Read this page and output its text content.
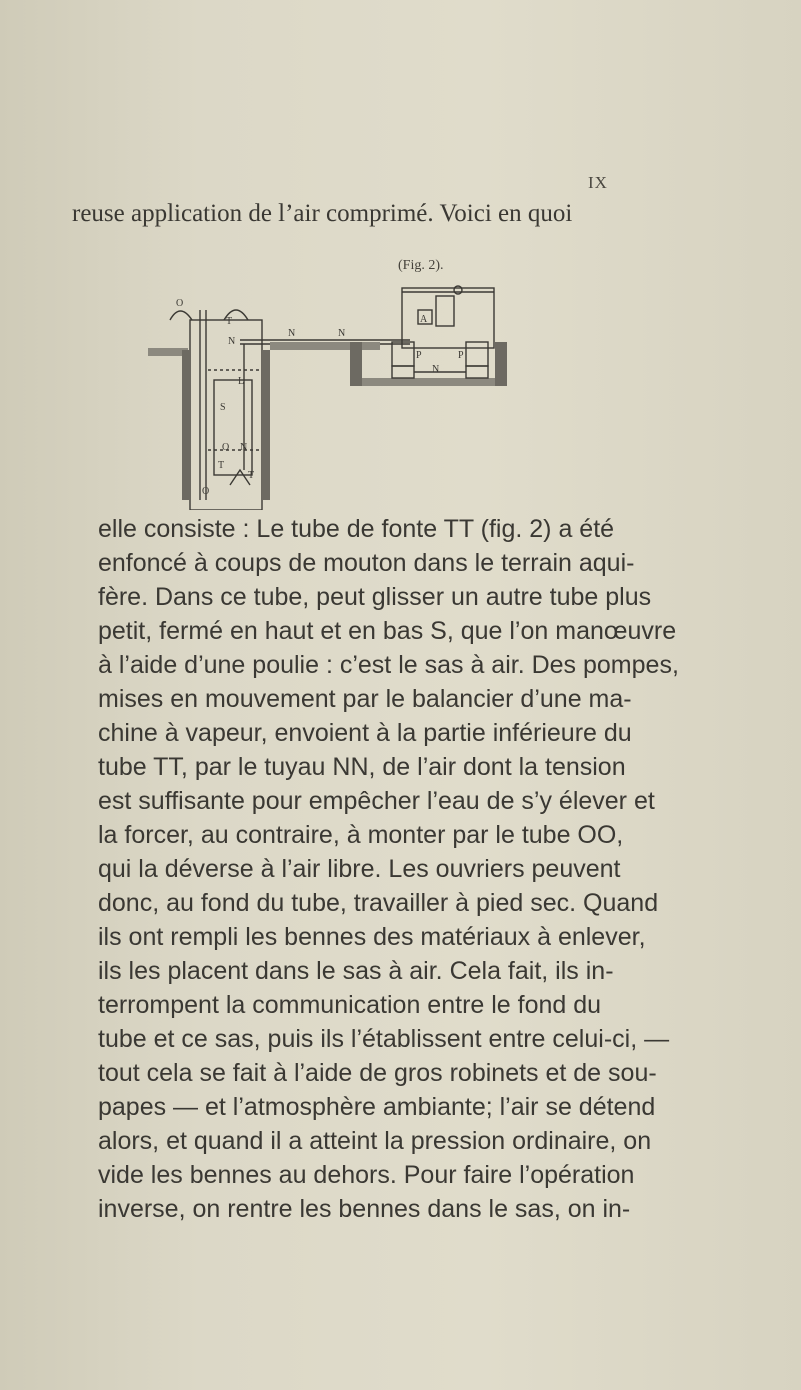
IX
reuse application de l’air comprimé. Voici en quoi
(Fig. 2).
O
T
N
N	N
A
P	P
N
L
S
O N
T
T
O
elle consiste : Le tube de fonte TT (fig. 2) a été
enfoncé à coups de mouton dans le terrain aqui-
fère. Dans ce tube, peut glisser un autre tube plus
petit, fermé en haut et en bas S, que l’on manœuvre
à l’aide d’une poulie : c’est le sas à air. Des pompes,
mises en mouvement par le balancier d’une ma-
chine à vapeur, envoient à la partie inférieure du
tube TT, par le tuyau NN, de l’air dont la tension
est suffisante pour empêcher l’eau de s’y élever et
la forcer, au contraire, à monter par le tube OO,
qui la déverse à l’air libre. Les ouvriers peuvent
donc, au fond du tube, travailler à pied sec. Quand
ils ont rempli les bennes des matériaux à enlever,
ils les placent dans le sas à air. Cela fait, ils in-
terrompent la communication entre le fond du
tube et ce sas, puis ils l’établissent entre celui-ci, —
tout cela se fait à l’aide de gros robinets et de sou-
papes — et l’atmosphère ambiante; l’air se détend
alors, et quand il a atteint la pression ordinaire, on
vide les bennes au dehors. Pour faire l’opération
inverse, on rentre les bennes dans le sas, on in-
